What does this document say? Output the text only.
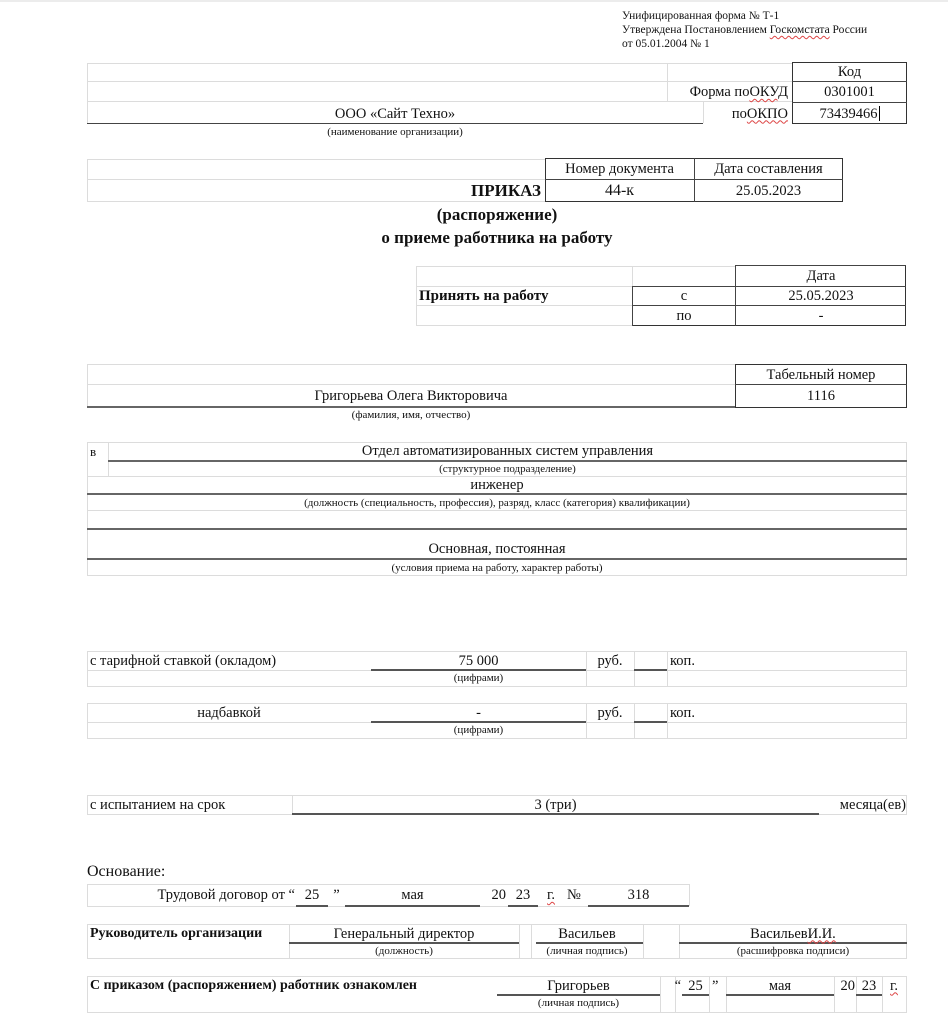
Унифицированная форма № Т-1
Утверждена Постановлением Госкомстата России
от 05.01.2004 № 1
Код
Форма по ОКУД	0301001
по ОКПО 73439466
ООО «Сайт Техно»
(наименование организации)
Номер документа	Дата составления
ПРИКАЗ	44-к	25.05.2023
(распоряжение)
о приеме работника на работу
Дата
Принять на работу	с	25.05.2023
по	-
Табельный номер
Григорьева Олега Викторовича	1116
(фамилия, имя, отчество)
в	Отдел автоматизированных систем управления
(структурное подразделение)
инженер
(должность (специальность, профессия), разряд, класс (категория) квалификации)
Основная, постоянная
(условия приема на работу, характер работы)
с тарифной ставкой (окладом)	75 000	руб.	коп.
(цифрами)
надбавкой	-	руб.	коп.
(цифрами)
с испытанием на срок	3 (три)	месяца(ев)
Основание:
Трудовой договор от “ 25 ”	мая	20 23	г. №	318
Руководитель организации	Генеральный директор	Васильев	Васильев И.И.
(должность)	(личная подпись)	(расшифровка подписи)
С приказом (распоряжением) работник ознакомлен	Григорьев	“ 25 ”	мая	20 23 г.
(личная подпись)
